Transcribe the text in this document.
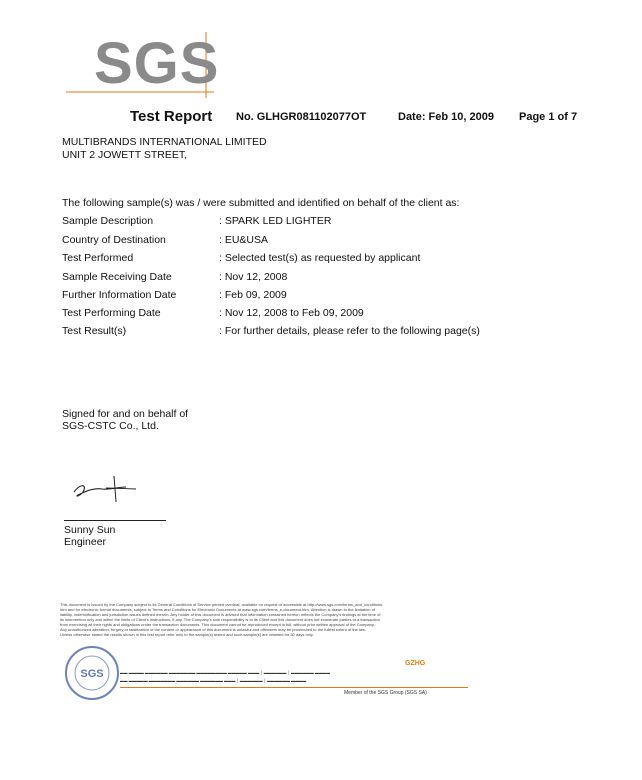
SGS
Test Report No. GLHGR081102077OT	Date: Feb 10, 2009 Page 1 of 7
MULTIBRANDS INTERNATIONAL LIMITED
UNIT 2 JOWETT STREET,
The following sample(s) was / were submitted and identified on behalf of the client as:
Sample Description	: SPARK LED LIGHTER
Country of Destination	: EU&USA
Test Performed	: Selected test(s) as requested by applicant
Sample Receiving Date	: Nov 12, 2008
Further Information Date	: Feb 09, 2009
Test Performing Date	: Nov 12, 2008 to Feb 09, 2009
Test Result(s)	: For further details, please refer to the following page(s)
Signed for and on behalf of
SGS-CSTC Co., Ltd.
Sunny Sun
Engineer
This document is issued by the Company subject to its General Conditions of Service printed overleaf, available on request or accessible at http://www.sgs.com/terms_and_conditions.
htm and for electronic format documents, subject to Terms and Conditions for Electronic Documents at www.sgs.com/terms_e-document.htm. Attention is drawn to the limitation of
liability, indemnification and jurisdiction issues defined therein. Any holder of this document is advised that information contained hereon reflects the Company's findings at the time of
its intervention only and within the limits of Client's instructions, if any. The Company's sole responsibility is to its Client and this document does not exonerate parties to a transaction
from exercising all their rights and obligations under the transaction documents. This document cannot be reproduced except in full, without prior written approval of the Company.
Any unauthorized alteration, forgery or falsification of the content or appearance of this document is unlawful and offenders may be prosecuted to the fullest extent of the law.
Unless otherwise stated the results shown in this test report refer only to the sample(s) tested and such sample(s) are retained for 30 days only.
SGS
GZHG
▬▬ ▬▬▬▬ ▬▬▬▬▬▬ ▬▬▬▬▬▬▬ ▬▬▬▬▬▬▬▬ ▬▬▬▬▬ ▬▬▬ │ ▬▬▬▬▬▬ │ ▬▬▬▬▬▬ ▬▬▬▬
▬▬ ▬▬▬▬▬ ▬▬▬▬▬▬▬ ▬▬▬▬▬▬ ▬▬▬▬▬▬ ▬▬▬ │ ▬▬▬▬▬▬ │ ▬▬▬▬▬▬ ▬▬▬▬
Member of the SGS Group (SGS SA)
